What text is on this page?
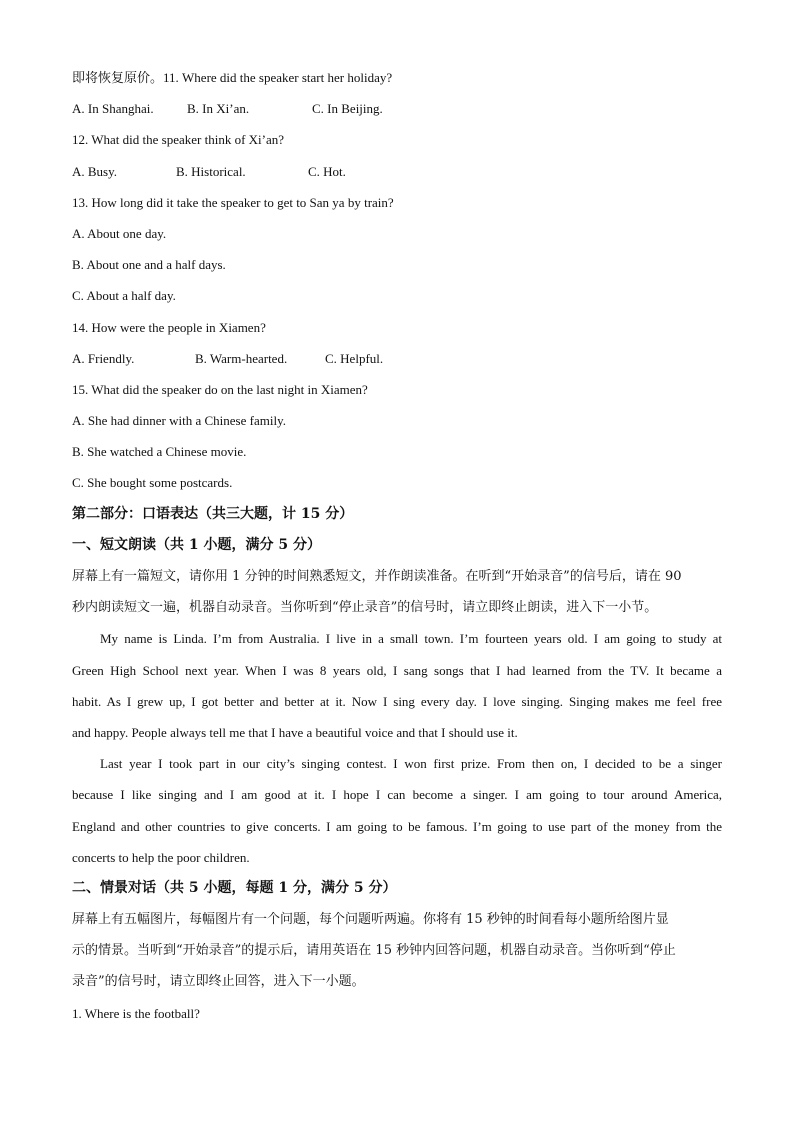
即将恢复原价。11. Where did the speaker start her holiday?
A. In Shanghai.	B. In Xi’an.	C. In Beijing.
12. What did the speaker think of Xi’an?
A. Busy.	B. Historical.	C. Hot.
13. How long did it take the speaker to get to San ya by train?
A. About one day.
B. About one and a half days.
C. About a half day.
14. How were the people in Xiamen?
A. Friendly.	B. Warm-hearted.	C. Helpful.
15. What did the speaker do on the last night in Xiamen?
A. She had dinner with a Chinese family.
B. She watched a Chinese movie.
C. She bought some postcards.
第二部分：口语表达（共三大题，计 15 分）
一、短文朗读（共 1 小题，满分 5 分）
屏幕上有一篇短文，请你用 1 分钟的时间熟悉短文，并作朗读准备。在听到“开始录音”的信号后，请在 90
秒内朗读短文一遍，机器自动录音。当你听到“停止录音”的信号时，请立即终止朗读，进入下一小节。
My name is Linda. I’m from Australia. I live in a small town. I’m fourteen years old. I am going to study at
Green High School next year. When I was 8 years old, I sang songs that I had learned from the TV. It became a
habit. As I grew up, I got better and better at it. Now I sing every day. I love singing. Singing makes me feel free
and happy. People always tell me that I have a beautiful voice and that I should use it.
Last year I took part in our city’s singing contest. I won first prize. From then on, I decided to be a singer
because I like singing and I am good at it. I hope I can become a singer. I am going to tour around America,
England and other countries to give concerts. I am going to be famous. I’m going to use part of the money from the
concerts to help the poor children.
二、情景对话（共 5 小题，每题 1 分，满分 5 分）
屏幕上有五幅图片，每幅图片有一个问题，每个问题听两遍。你将有 15 秒钟的时间看每小题所给图片显
示的情景。当听到“开始录音”的提示后，请用英语在 15 秒钟内回答问题，机器自动录音。当你听到“停止
录音”的信号时，请立即终止回答，进入下一小题。
1. Where is the football?
